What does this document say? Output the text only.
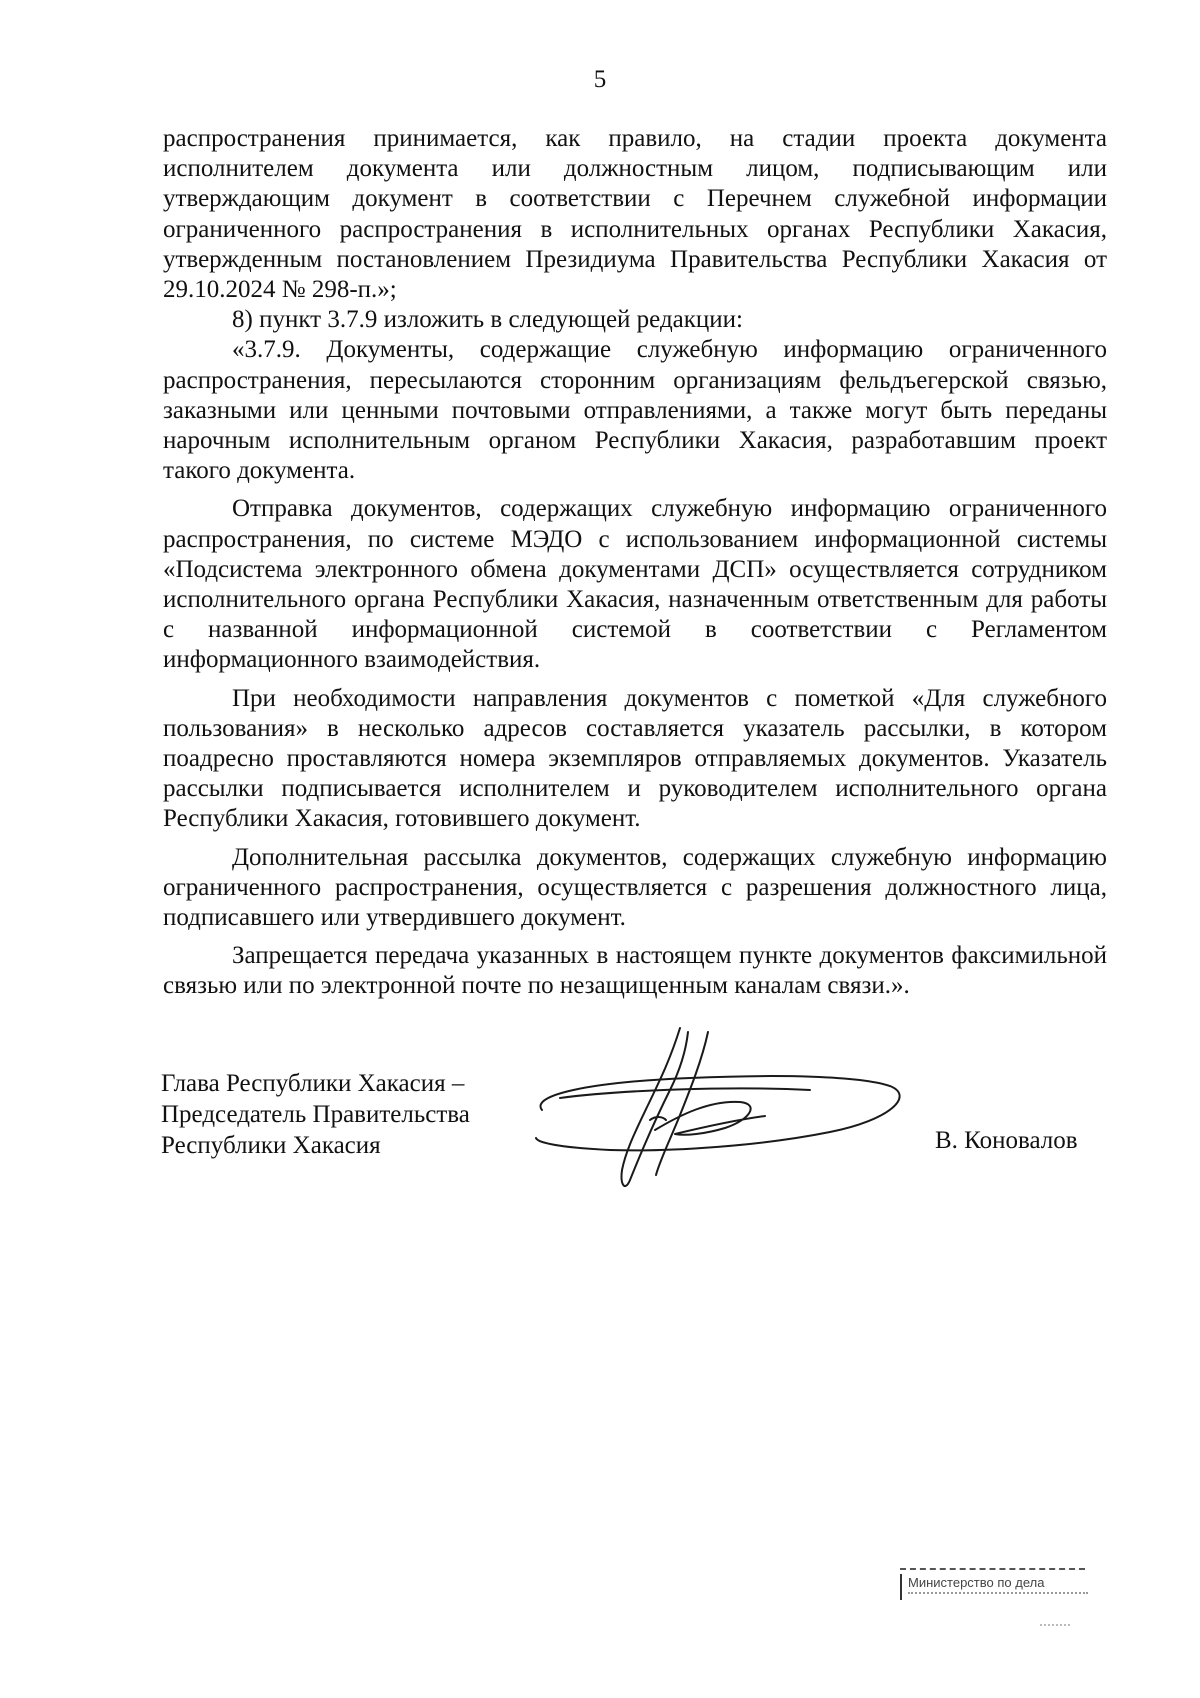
5

распространения принимается, как правило, на стадии проекта документа исполнителем документа или должностным лицом, подписывающим или утверждающим документ в соответствии с Перечнем служебной информации ограниченного распространения в исполнительных органах Республики Хакасия, утвержденным постановлением Президиума Правительства Республики Хакасия от 29.10.2024 № 298-п.»;

8) пункт 3.7.9 изложить в следующей редакции:

«3.7.9. Документы, содержащие служебную информацию ограниченного распространения, пересылаются сторонним организациям фельдъегерской связью, заказными или ценными почтовыми отправлениями, а также могут быть переданы нарочным исполнительным органом Республики Хакасия, разработавшим проект такого документа.

Отправка документов, содержащих служебную информацию ограниченного распространения, по системе МЭДО с использованием информационной системы «Подсистема электронного обмена документами ДСП» осуществляется сотрудником исполнительного органа Республики Хакасия, назначенным ответственным для работы с названной информационной системой в соответствии с Регламентом информационного взаимодействия.

При необходимости направления документов с пометкой «Для служебного пользования» в несколько адресов составляется указатель рассылки, в котором поадресно проставляются номера экземпляров отправляемых документов. Указатель рассылки подписывается исполнителем и руководителем исполнительного органа Республики Хакасия, готовившего документ.

Дополнительная рассылка документов, содержащих служебную информацию ограниченного распространения, осуществляется с разрешения должностного лица, подписавшего или утвердившего документ.

Запрещается передача указанных в настоящем пункте документов факсимильной связью или по электронной почте по незащищенным каналам связи.».

Глава Республики Хакасия –
Председатель Правительства
Республики Хакасия	В. Коновалов
Министерство по дела
